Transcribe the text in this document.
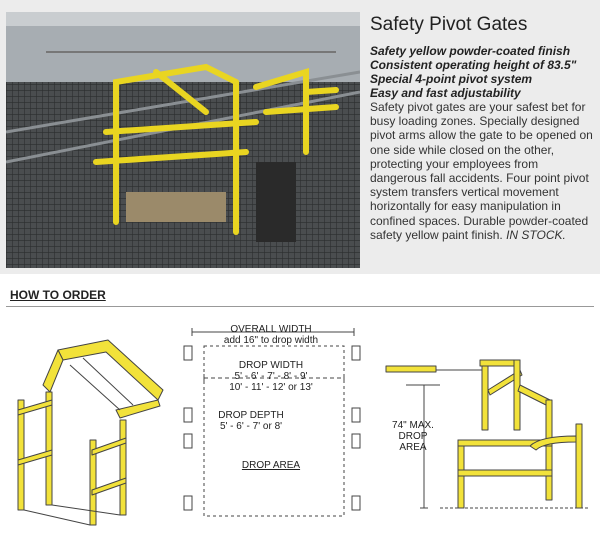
Safety Pivot Gates
Safety yellow powder-coated finish
Consistent operating height of 83.5"
Special 4-point pivot system
Easy and fast adjustability
Safety pivot gates are your safest bet for busy loading zones. Specially designed pivot arms allow the gate to be opened on one side while closed on the other, protecting your employees from dangerous fall accidents. Four point pivot system transfers vertical movement horizontally for easy manipulation in confined spaces. Durable powder-coated safety yellow paint finish. IN STOCK.
HOW TO ORDER
OVERALL WIDTH
add 16" to drop width
DROP WIDTH
5' - 6' - 7' - 8' - 9'
10' - 11' - 12' or 13'
DROP DEPTH
5' - 6' - 7' or 8'
DROP AREA
74" MAX.
DROP
AREA
